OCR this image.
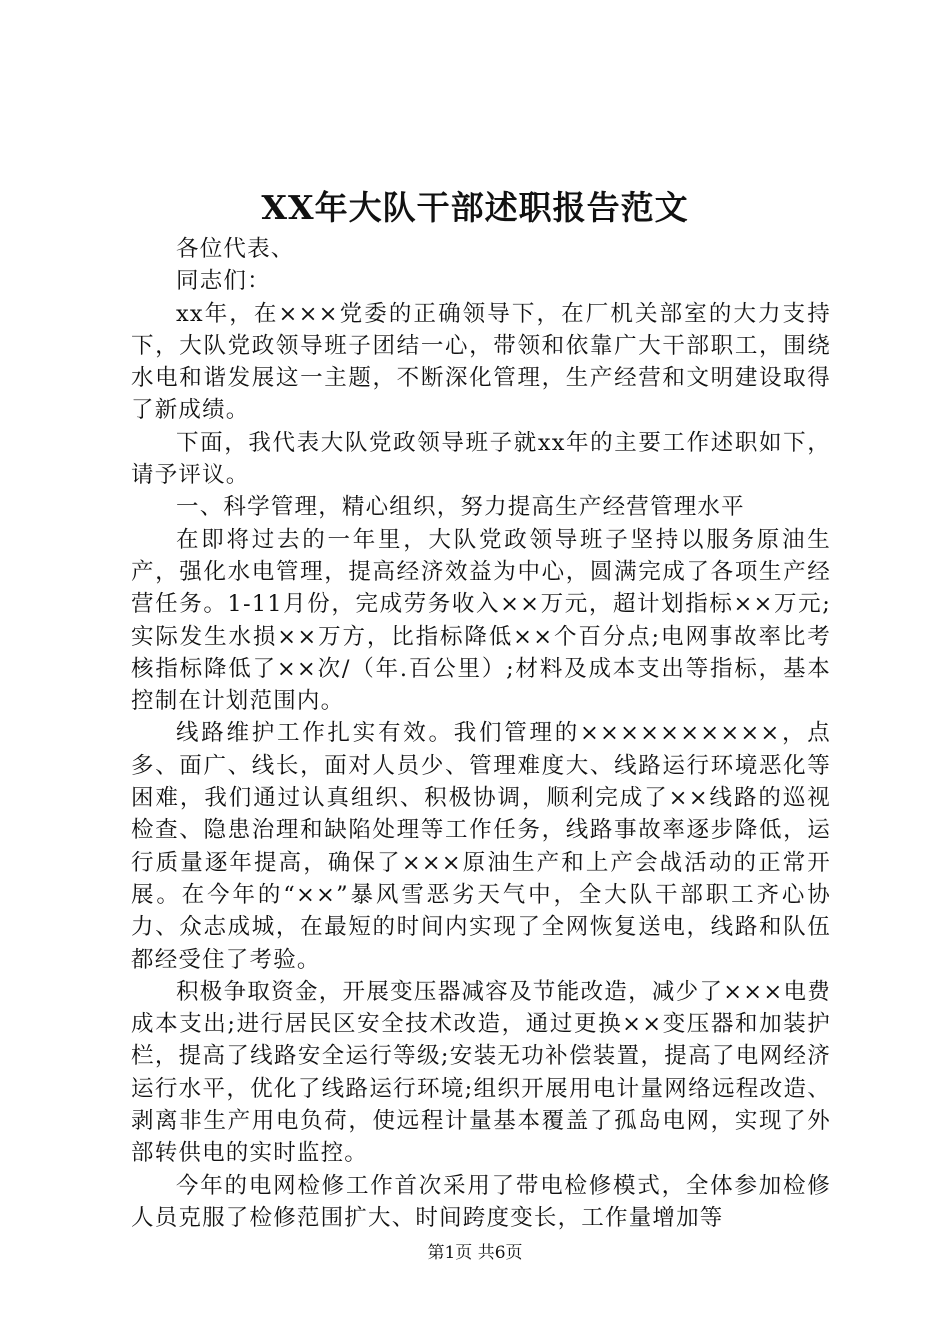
XX年大队干部述职报告范文

各位代表、

同志们：

xx年，在×××党委的正确领导下，在厂机关部室的大力支持下，大队党政领导班子团结一心，带领和依靠广大干部职工，围绕水电和谐发展这一主题，不断深化管理，生产经营和文明建设取得了新成绩。

下面，我代表大队党政领导班子就xx年的主要工作述职如下，请予评议。

一、科学管理，精心组织，努力提高生产经营管理水平

在即将过去的一年里，大队党政领导班子坚持以服务原油生产，强化水电管理，提高经济效益为中心，圆满完成了各项生产经营任务。1-11月份，完成劳务收入××万元，超计划指标××万元;实际发生水损××万方，比指标降低××个百分点;电网事故率比考核指标降低了××次/（年.百公里）;材料及成本支出等指标，基本控制在计划范围内。

线路维护工作扎实有效。我们管理的××××××××××，点多、面广、线长，面对人员少、管理难度大、线路运行环境恶化等困难，我们通过认真组织、积极协调，顺利完成了××线路的巡视检查、隐患治理和缺陷处理等工作任务，线路事故率逐步降低，运行质量逐年提高，确保了×××原油生产和上产会战活动的正常开展。在今年的“××”暴风雪恶劣天气中，全大队干部职工齐心协力、众志成城，在最短的时间内实现了全网恢复送电，线路和队伍都经受住了考验。

积极争取资金，开展变压器减容及节能改造，减少了×××电费成本支出;进行居民区安全技术改造，通过更换××变压器和加装护栏，提高了线路安全运行等级;安装无功补偿装置，提高了电网经济运行水平，优化了线路运行环境;组织开展用电计量网络远程改造、剥离非生产用电负荷，使远程计量基本覆盖了孤岛电网，实现了外部转供电的实时监控。

今年的电网检修工作首次采用了带电检修模式，全体参加检修人员克服了检修范围扩大、时间跨度变长，工作量增加等

第1页 共6页
